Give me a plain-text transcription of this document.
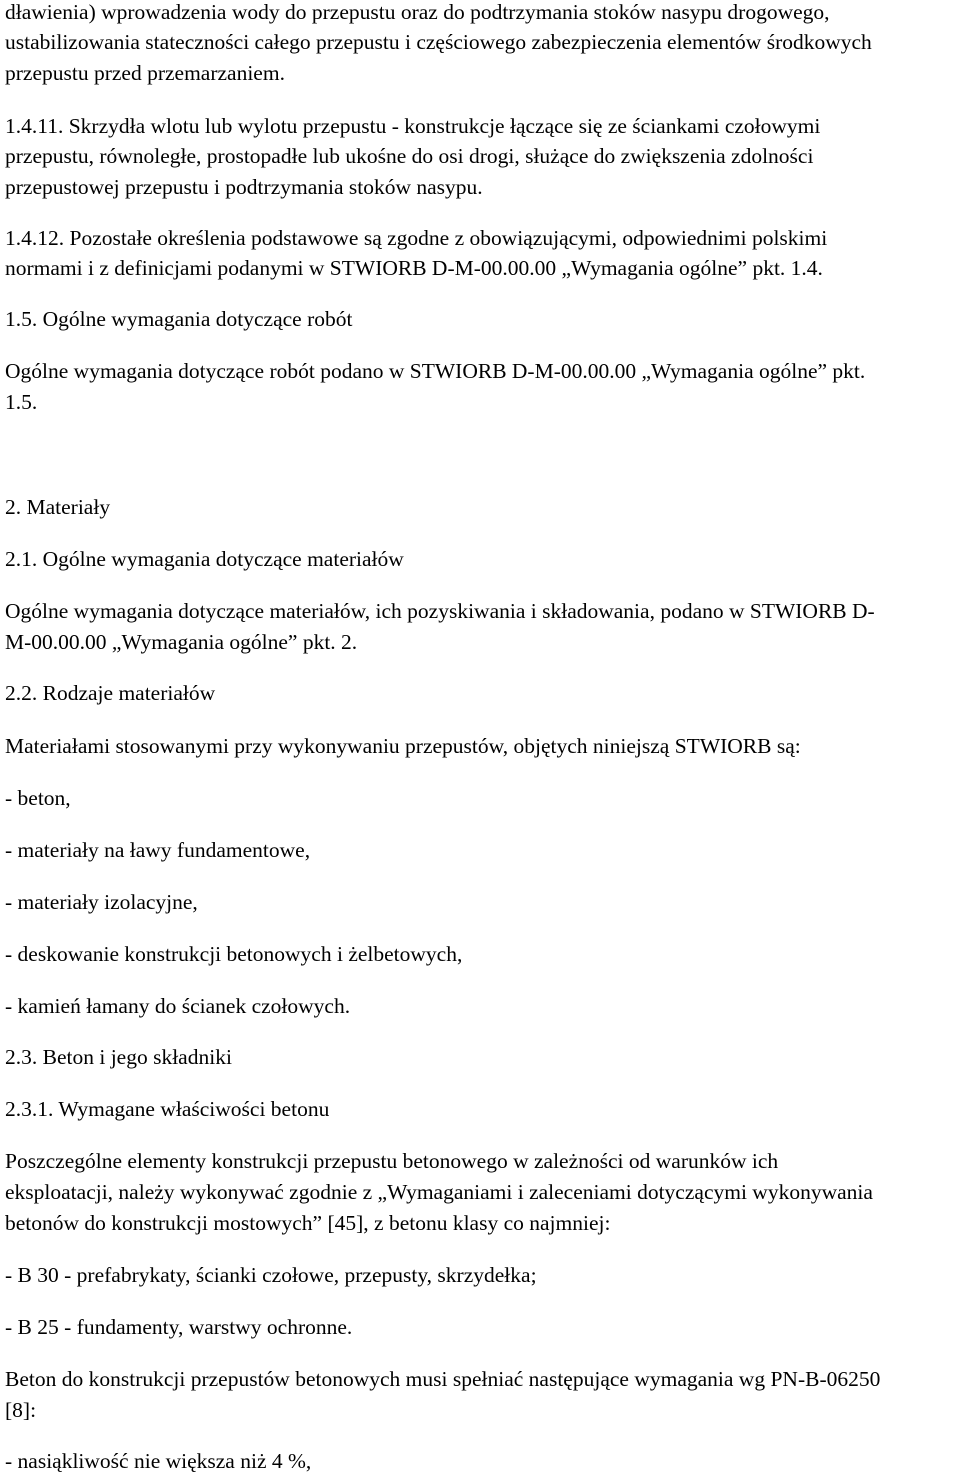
dławienia) wprowadzenia wody do przepustu oraz do podtrzymania stoków nasypu drogowego,

ustabilizowania stateczności całego przepustu i częściowego zabezpieczenia elementów środkowych

przepustu przed przemarzaniem.

1.4.11. Skrzydła wlotu lub wylotu przepustu - konstrukcje łączące się ze ściankami czołowymi

przepustu, równoległe, prostopadłe lub ukośne do osi drogi, służące do zwiększenia zdolności

przepustowej przepustu i podtrzymania stoków nasypu.

1.4.12. Pozostałe określenia podstawowe są zgodne z obowiązującymi, odpowiednimi polskimi

normami i z definicjami podanymi w STWIORB D-M-00.00.00 „Wymagania ogólne” pkt. 1.4.

1.5. Ogólne wymagania dotyczące robót

Ogólne wymagania dotyczące robót podano w STWIORB D-M-00.00.00 „Wymagania ogólne” pkt.

1.5.

2. Materiały

2.1. Ogólne wymagania dotyczące materiałów

Ogólne wymagania dotyczące materiałów, ich pozyskiwania i składowania, podano w STWIORB D-

M-00.00.00 „Wymagania ogólne” pkt. 2.

2.2. Rodzaje materiałów

Materiałami stosowanymi przy wykonywaniu przepustów, objętych niniejszą STWIORB są:

- beton,

- materiały na ławy fundamentowe,

- materiały izolacyjne,

- deskowanie konstrukcji betonowych i żelbetowych,

- kamień łamany do ścianek czołowych.

2.3. Beton i jego składniki

2.3.1. Wymagane właściwości betonu

Poszczególne elementy konstrukcji przepustu betonowego w zależności od warunków ich

eksploatacji, należy wykonywać zgodnie z „Wymaganiami i zaleceniami dotyczącymi wykonywania

betonów do konstrukcji mostowych” [45], z betonu klasy co najmniej:

- B 30 - prefabrykaty, ścianki czołowe, przepusty, skrzydełka;

- B 25 - fundamenty, warstwy ochronne.

Beton do konstrukcji przepustów betonowych musi spełniać następujące wymagania wg PN-B-06250

[8]:

- nasiąkliwość nie większa niż 4 %,
